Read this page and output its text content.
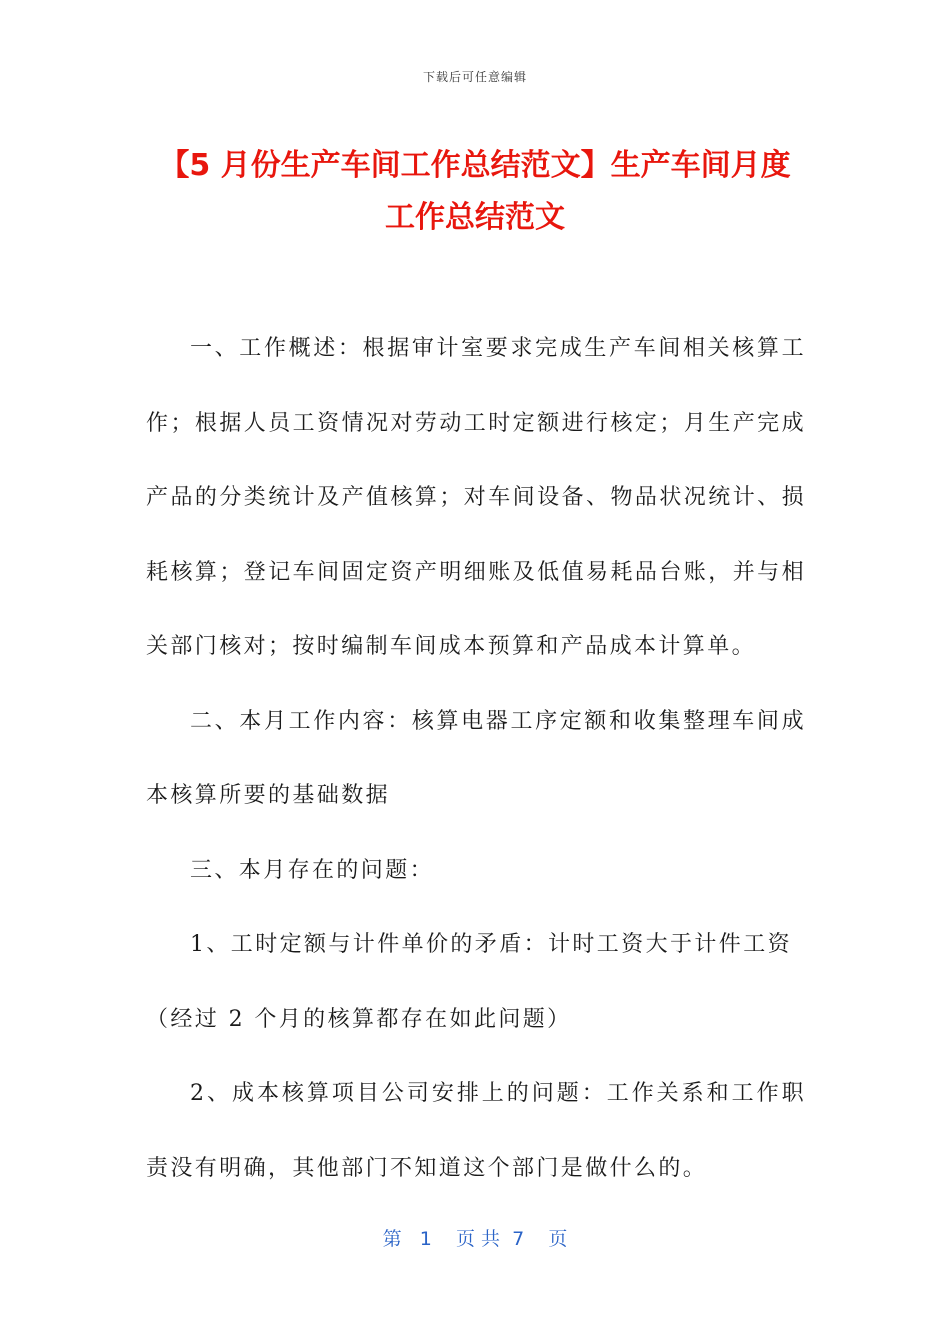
下载后可任意编辑
【5 月份生产车间工作总结范文】生产车间月度工作总结范文

一、工作概述：根据审计室要求完成生产车间相关核算工作；根据人员工资情况对劳动工时定额进行核定；月生产完成产品的分类统计及产值核算；对车间设备、物品状况统计、损耗核算；登记车间固定资产明细账及低值易耗品台账，并与相关部门核对；按时编制车间成本预算和产品成本计算单。

二、本月工作内容：核算电器工序定额和收集整理车间成本核算所要的基础数据

三、本月存在的问题：

1、工时定额与计件单价的矛盾：计时工资大于计件工资

（经过 2 个月的核算都存在如此问题）

2、成本核算项目公司安排上的问题：工作关系和工作职责没有明确，其他部门不知道这个部门是做什么的。

第   1    页 共  7    页
